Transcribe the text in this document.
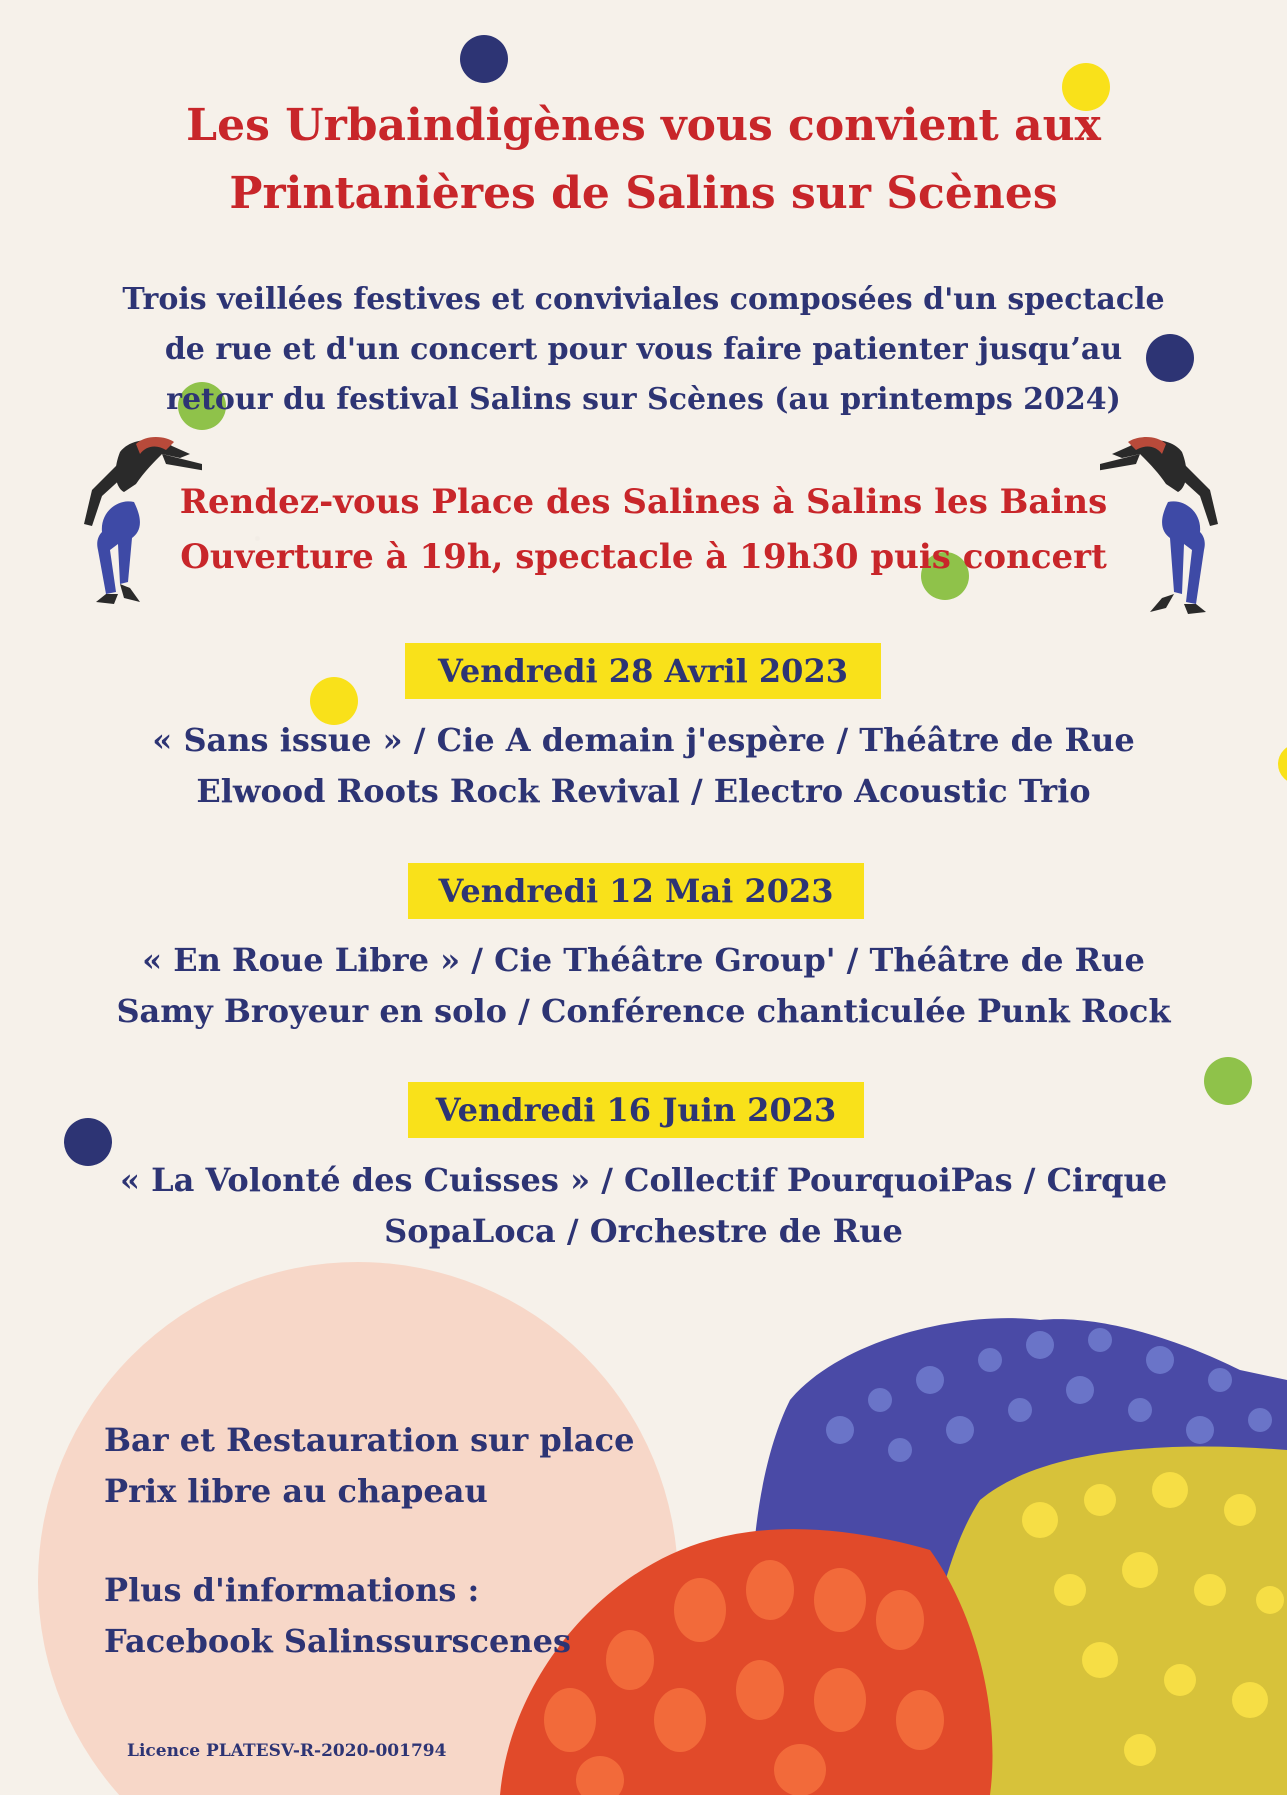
Les Urbaindigènes vous convient aux
Printanières de Salins sur Scènes
Trois veillées festives et conviviales composées d'un spectacle
de rue et d'un concert pour vous faire patienter jusqu’au
retour du festival Salins sur Scènes (au printemps 2024)
Rendez-vous Place des Salines à Salins les Bains
Ouverture à 19h, spectacle à 19h30 puis concert
Vendredi 28 Avril 2023
« Sans issue » / Cie A demain j'espère / Théâtre de Rue
Elwood Roots Rock Revival / Electro Acoustic Trio
Vendredi 12 Mai 2023
« En Roue Libre » / Cie Théâtre Group' / Théâtre de Rue
Samy Broyeur en solo / Conférence chanticulée Punk Rock
Vendredi 16 Juin 2023
« La Volonté des Cuisses » / Collectif PourquoiPas / Cirque
SopaLoca / Orchestre de Rue
Bar et Restauration sur place
Prix libre au chapeau
Plus d'informations :
Facebook Salinssurscenes
Licence PLATESV-R-2020-001794
